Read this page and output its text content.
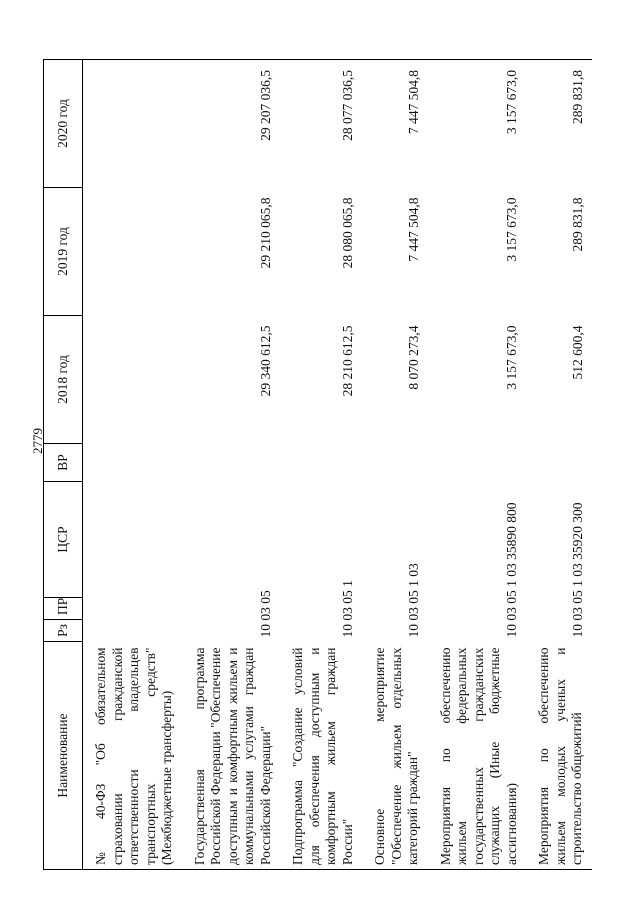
2779
Наименование	Рз	ПР	ЦСР	ВР	2018 год	2019 год	2020 год
№ 40-ФЗ "Об обязательном страховании гражданской ответственности владельцев транспортных средств" (Межбюджетные трансферты)							
Государственная программа Российской Федерации "Обеспечение доступным и комфортным жильем и коммунальными услугами граждан Российской Федерации"	10 03 05				29 340 612,5	29 210 065,8	29 207 036,5
Подпрограмма "Создание условий для обеспечения доступным и комфортным жильем граждан России"	10 03 05 1				28 210 612,5	28 080 065,8	28 077 036,5
Основное мероприятие "Обеспечение жильем отдельных категорий граждан"	10 03 05 1 03				8 070 273,4	7 447 504,8	7 447 504,8
Мероприятия по обеспечению жильем федеральных государственных гражданских служащих (Иные бюджетные ассигнования)	10 03 05 1 03 35890 800				3 157 673,0	3 157 673,0	3 157 673,0
Мероприятия по обеспечению жильем молодых ученых и строительство общежитий	10 03 05 1 03 35920 300				512 600,4	289 831,8	289 831,8
